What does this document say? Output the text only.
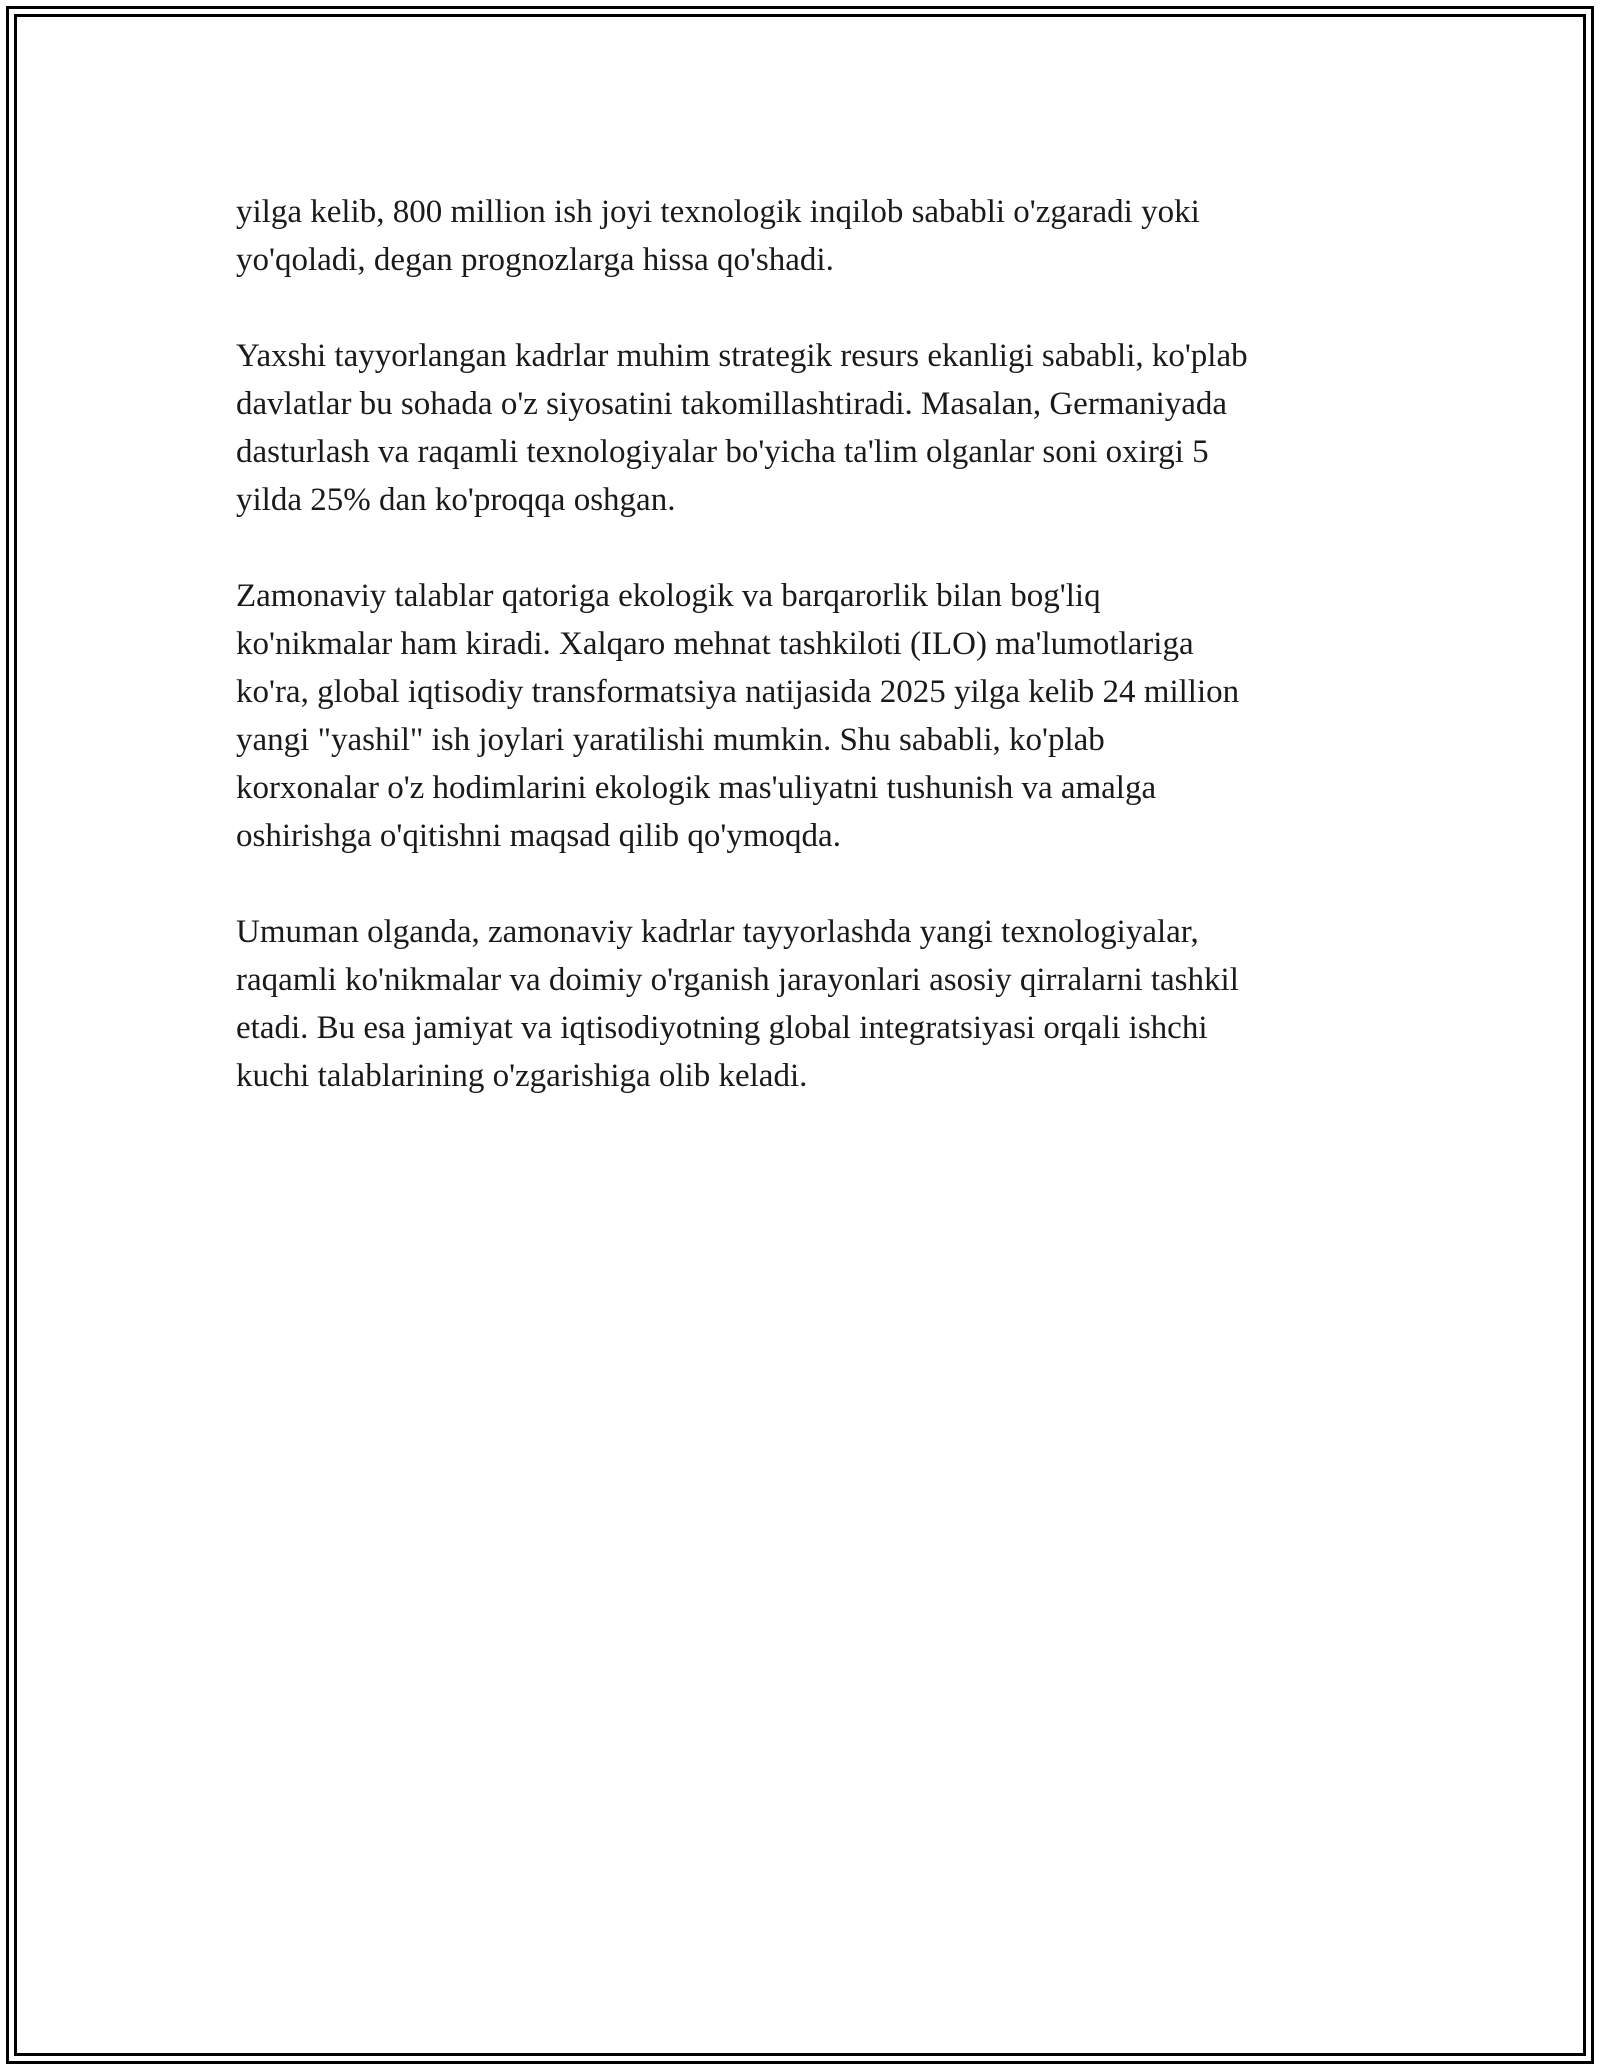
yilga kelib, 800 million ish joyi texnologik inqilob sababli o'zgaradi yoki
yo'qoladi, degan prognozlarga hissa qo'shadi.

Yaxshi tayyorlangan kadrlar muhim strategik resurs ekanligi sababli, ko'plab
davlatlar bu sohada o'z siyosatini takomillashtiradi. Masalan, Germaniyada
dasturlash va raqamli texnologiyalar bo'yicha ta'lim olganlar soni oxirgi 5
yilda 25% dan ko'proqqa oshgan.

Zamonaviy talablar qatoriga ekologik va barqarorlik bilan bog'liq
ko'nikmalar ham kiradi. Xalqaro mehnat tashkiloti (ILO) ma'lumotlariga
ko'ra, global iqtisodiy transformatsiya natijasida 2025 yilga kelib 24 million
yangi "yashil" ish joylari yaratilishi mumkin. Shu sababli, ko'plab
korxonalar o'z hodimlarini ekologik mas'uliyatni tushunish va amalga
oshirishga o'qitishni maqsad qilib qo'ymoqda.

Umuman olganda, zamonaviy kadrlar tayyorlashda yangi texnologiyalar,
raqamli ko'nikmalar va doimiy o'rganish jarayonlari asosiy qirralarni tashkil
etadi. Bu esa jamiyat va iqtisodiyotning global integratsiyasi orqali ishchi
kuchi talablarining o'zgarishiga olib keladi.
